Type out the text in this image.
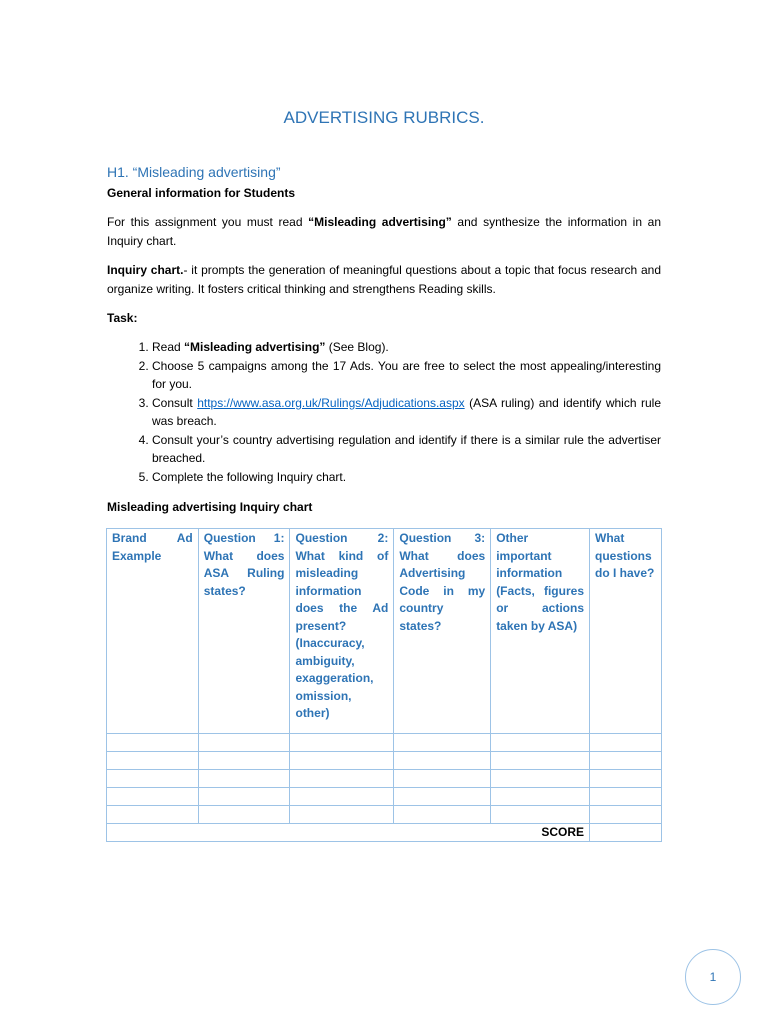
ADVERTISING RUBRICS.
H1. “Misleading advertising”
General information for Students
For this assignment you must read “Misleading advertising” and synthesize the information in an Inquiry chart.
Inquiry chart.- it prompts the generation of meaningful questions about a topic that focus research and organize writing. It fosters critical thinking and strengthens Reading skills.
Task:
1. Read “Misleading advertising” (See Blog).
2. Choose 5 campaigns among the 17 Ads. You are free to select the most appealing/interesting for you.
3. Consult https://www.asa.org.uk/Rulings/Adjudications.aspx (ASA ruling) and identify which rule was breach.
4. Consult your’s country advertising regulation and identify if there is a similar rule the advertiser breached.
5. Complete the following Inquiry chart.
Misleading advertising Inquiry chart
Brand Ad Example	Question 1: What does ASA Ruling states?	Question 2: What kind of misleading information does the Ad present? (Inaccuracy, ambiguity, exaggeration, omission, other)	Question 3: What does Advertising Code in my country states?	Other important information (Facts, figures or actions taken by ASA)	What questions do I have?

SCORE					
1
